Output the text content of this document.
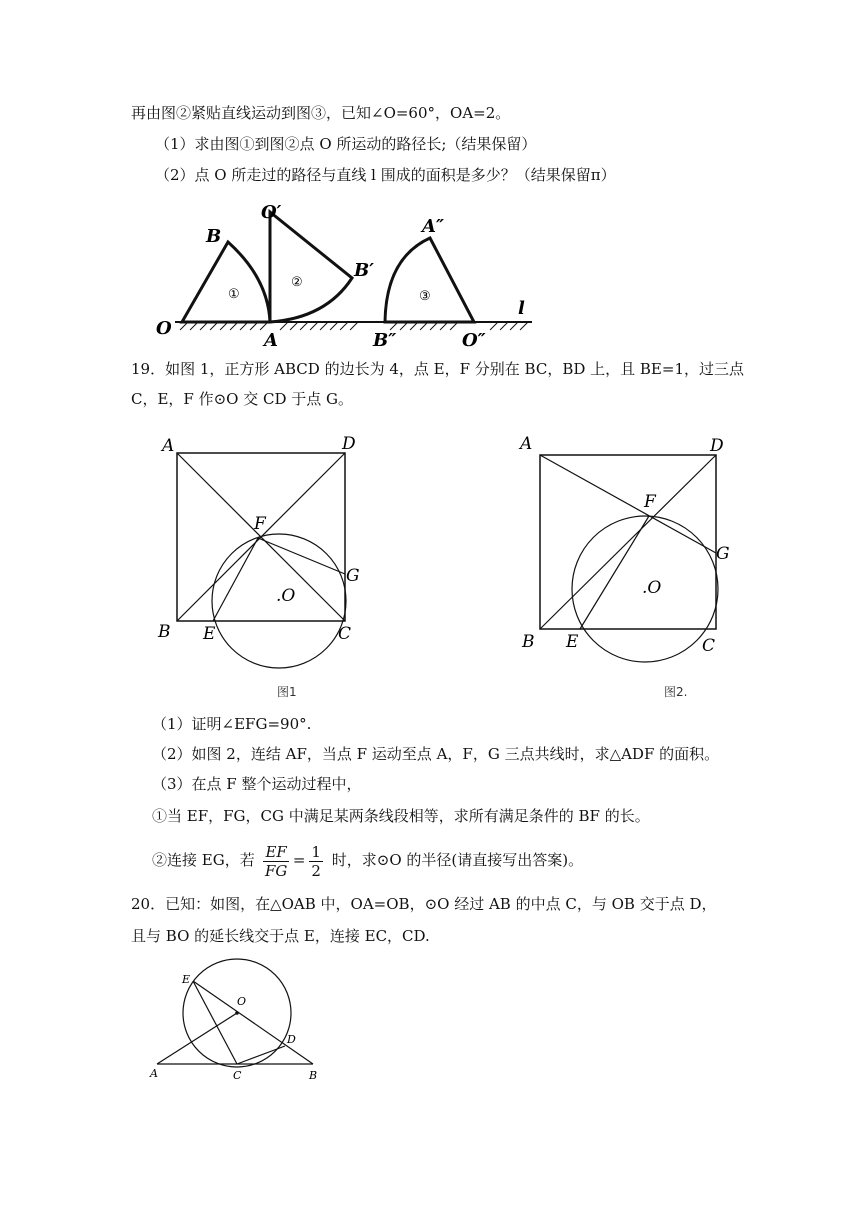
再由图②紧贴直线运动到图③，已知∠O=60°，OA=2。
（1）求由图①到图②点 O 所运动的路径长;（结果保留）
（2）点 O 所走过的路径与直线 l 围成的面积是多少？（结果保留π）
①
②
③
O
A
B
O′
B′
A″
B″	O″
l
19．如图 1，正方形 ABCD 的边长为 4，点 E，F 分别在 BC，BD 上，且 BE=1，过三点
C，E，F 作⊙O 交 CD 于点 G。
A	D
B E	C
F
G
.O
图1
A	D
B E	C
F
G
.O
图2.
（1）证明∠EFG=90°.
（2）如图 2，连结 AF，当点 F 运动至点 A，F，G 三点共线时，求△ADF 的面积。
（3）在点 F 整个运动过程中，
①当 EF，FG，CG 中满足某两条线段相等，求所有满足条件的 BF 的长。
②连接 EG，若 $\frac{EF}{FG} = \frac{1}{2}$ 时，求⊙O 的半径(请直接写出答案)。
20．已知：如图，在△OAB 中，OA=OB，⊙O 经过 AB 的中点 C，与 OB 交于点 D，
且与 BO 的延长线交于点 E，连接 EC，CD.
E
O
D
A	C	B
